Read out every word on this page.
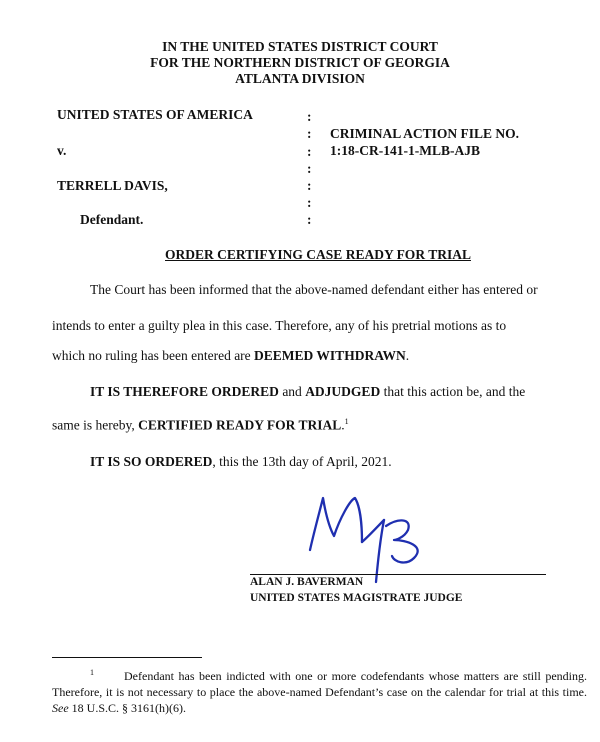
IN THE UNITED STATES DISTRICT COURT
FOR THE NORTHERN DISTRICT OF GEORGIA
ATLANTA DIVISION
UNITED STATES OF AMERICA
v.
TERRELL DAVIS,
Defendant.
:
:
:
:
:
:
:
CRIMINAL ACTION FILE NO.
1:18-CR-141-1-MLB-AJB
ORDER CERTIFYING CASE READY FOR TRIAL
The Court has been informed that the above-named defendant either has entered or
intends to enter a guilty plea in this case. Therefore, any of his pretrial motions as to
which no ruling has been entered are DEEMED WITHDRAWN.
IT IS THEREFORE ORDERED and ADJUDGED that this action be, and the
same is hereby, CERTIFIED READY FOR TRIAL.$^1$
IT IS SO ORDERED, this the 13th day of April, 2021.
ALAN J. BAVERMAN
UNITED STATES MAGISTRATE JUDGE
$^1$	Defendant has been indicted with one or more codefendants whose matters are still pending. Therefore, it is not necessary to place the above-named Defendant’s case on the calendar for trial at this time. See 18 U.S.C. § 3161(h)(6).
